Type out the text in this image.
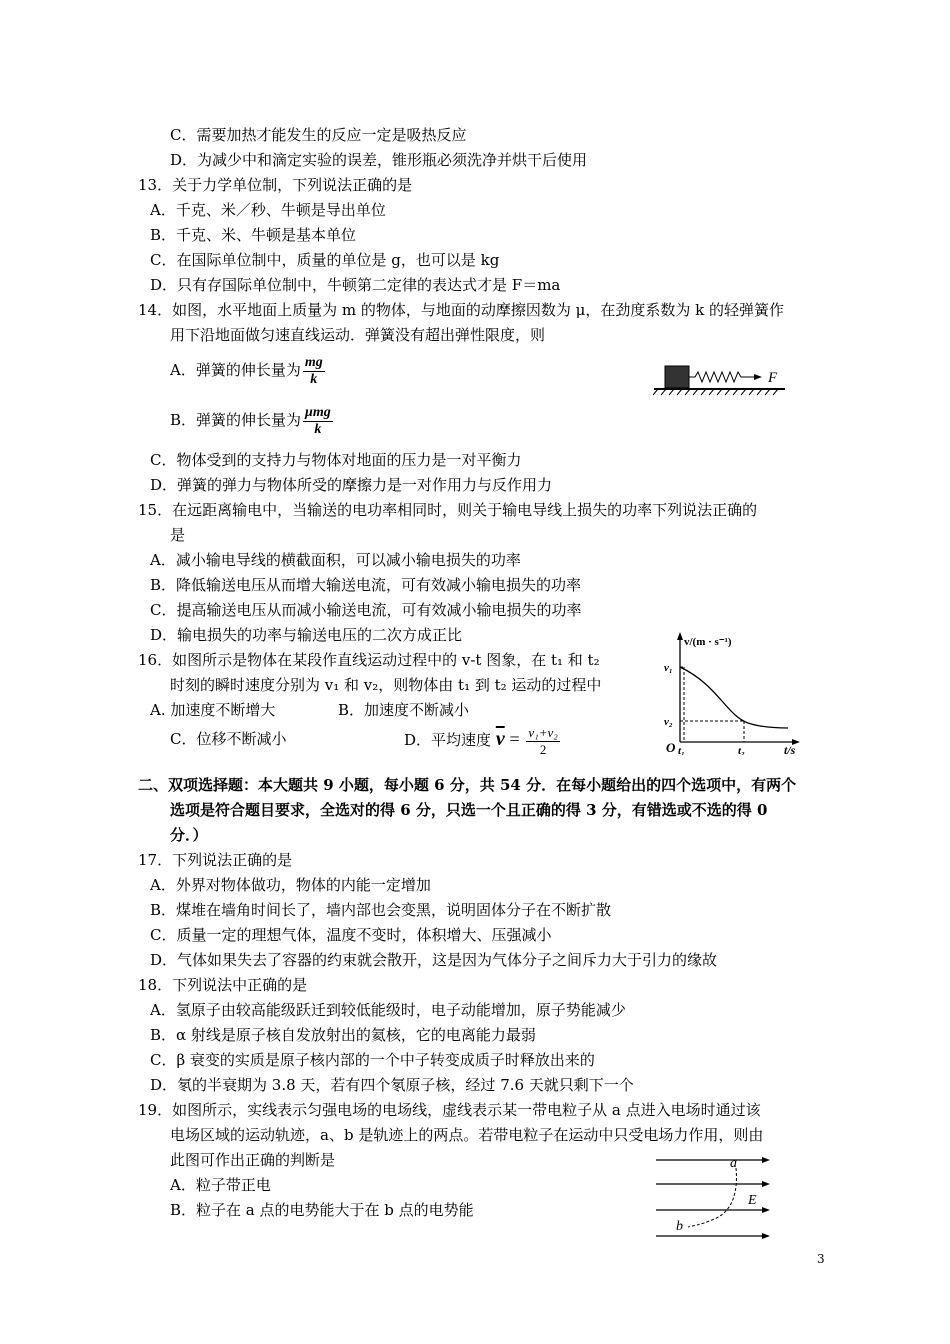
C．需要加热才能发生的反应一定是吸热反应
D．为减少中和滴定实验的误差，锥形瓶必须洗净并烘干后使用
13．关于力学单位制，下列说法正确的是
A．千克、米／秒、牛顿是导出单位
B．千克、米、牛顿是基本单位
C．在国际单位制中，质量的单位是 g，也可以是 kg
D．只有存国际单位制中，牛顿第二定律的表达式才是 F＝ma
14．如图，水平地面上质量为 m 的物体，与地面的动摩擦因数为 μ，在劲度系数为 k 的轻弹簧作
用下沿地面做匀速直线运动．弹簧没有超出弹性限度，则
A．弹簧的伸长量为 $\frac{mg}{k}$
B．弹簧的伸长量为 $\frac{\text{μmg}}{k}$
C．物体受到的支持力与物体对地面的压力是一对平衡力
D．弹簧的弹力与物体所受的摩擦力是一对作用力与反作用力
15．在远距离输电中，当输送的电功率相同时，则关于输电导线上损失的功率下列说法正确的
是
A．减小输电导线的横截面积，可以减小输电损失的功率
B．降低输送电压从而增大输送电流，可有效减小输电损失的功率
C．提高输送电压从而减小输送电流，可有效减小输电损失的功率
D．输电损失的功率与输送电压的二次方成正比
16．如图所示是物体在某段作直线运动过程中的 v-t 图象，在 t₁ 和 t₂
时刻的瞬时速度分别为 v₁ 和 v₂，则物体由 t₁ 到 t₂ 运动的过程中
A. 加速度不断增大	B．加速度不断减小
C．位移不断减小	D．平均速度 $\overline{v} = \frac{\text{v₁+v₂}}{2}$
二、双项选择题：本大题共 9 小题，每小题 6 分，共 54 分．在每小题给出的四个选项中，有两个
选项是符合题目要求，全选对的得 6 分，只选一个且正确的得 3 分，有错选或不选的得 0
分．）
17．下列说法正确的是
A．外界对物体做功，物体的内能一定增加
B．煤堆在墙角时间长了，墙内部也会变黑，说明固体分子在不断扩散
C．质量一定的理想气体，温度不变时，体积增大、压强减小
D．气体如果失去了容器的约束就会散开，这是因为气体分子之间斥力大于引力的缘故
18．下列说法中正确的是
A．氢原子由较高能级跃迁到较低能级时，电子动能增加，原子势能减少
B．α 射线是原子核自发放射出的氦核，它的电离能力最弱
C．β 衰变的实质是原子核内部的一个中子转变成质子时释放出来的
D．氡的半衰期为 3.8 天，若有四个氡原子核，经过 7.6 天就只剩下一个
19．如图所示，实线表示匀强电场的电场线，虚线表示某一带电粒子从 a 点进入电场时通过该
电场区域的运动轨迹，a、b 是轨迹上的两点。若带电粒子在运动中只受电场力作用，则由
此图可作出正确的判断是
A．粒子带正电
B．粒子在 a 点的电势能大于在 b 点的电势能
F
v/(m · s⁻¹)
t/s
O
v₁
v₂
t₁	t₂
a
b
E
3
